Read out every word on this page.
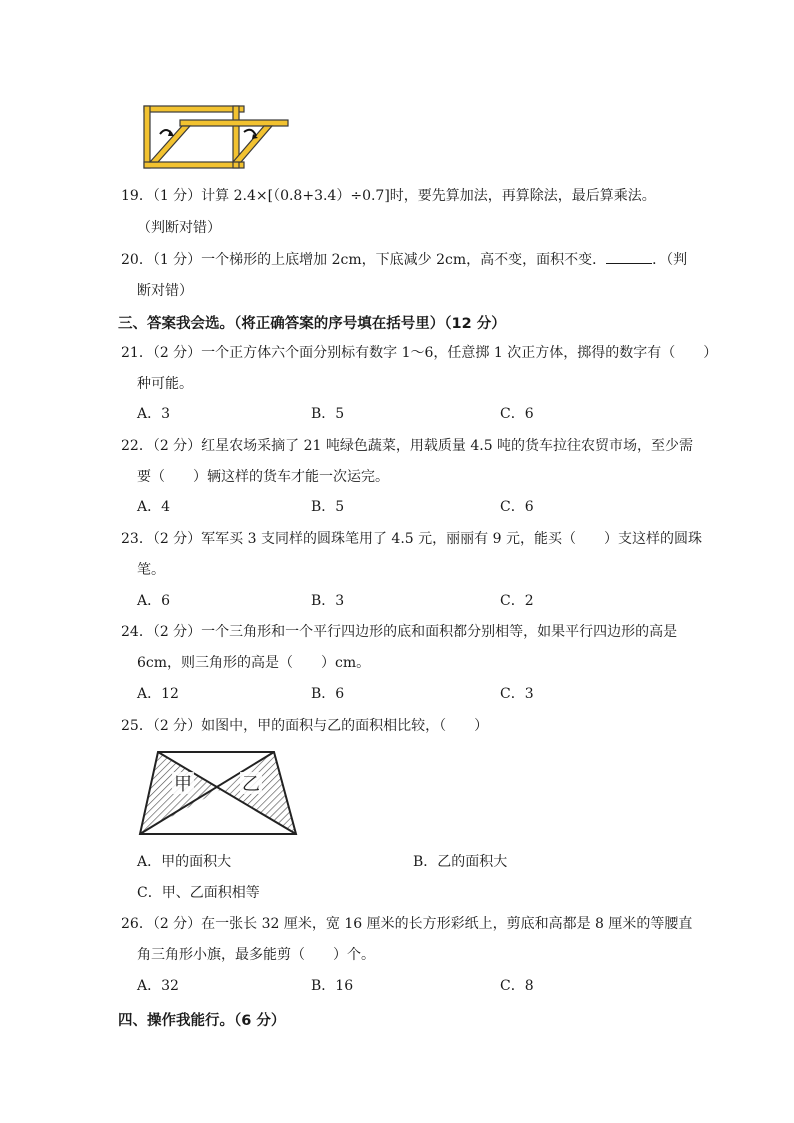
19．（1 分）计算 2.4×[（0.8+3.4）÷0.7]时，要先算加法，再算除法，最后算乘法。
（判断对错）
20．（1 分）一个梯形的上底增加 2cm，下底减少 2cm，高不变，面积不变．	．（判
断对错）
三、答案我会选。（将正确答案的序号填在括号里）（12 分）
21．（2 分）一个正方体六个面分别标有数字 1～6，任意掷 1 次正方体，掷得的数字有（　　）
种可能。
A．3	B．5	C．6
22．（2 分）红星农场采摘了 21 吨绿色蔬菜，用载质量 4.5 吨的货车拉往农贸市场，至少需
要（　　）辆这样的货车才能一次运完。
A．4	B．5	C．6
23．（2 分）军军买 3 支同样的圆珠笔用了 4.5 元，丽丽有 9 元，能买（　　）支这样的圆珠
笔。
A．6	B．3	C．2
24．（2 分）一个三角形和一个平行四边形的底和面积都分别相等，如果平行四边形的高是
6cm，则三角形的高是（　　）cm。
A．12	B．6	C．3
25．（2 分）如图中，甲的面积与乙的面积相比较，（　　）
甲	乙
A．甲的面积大	B．乙的面积大
C．甲、乙面积相等
26．（2 分）在一张长 32 厘米，宽 16 厘米的长方形彩纸上，剪底和高都是 8 厘米的等腰直
角三角形小旗，最多能剪（　　）个。
A．32	B．16	C．8
四、操作我能行。（6 分）
